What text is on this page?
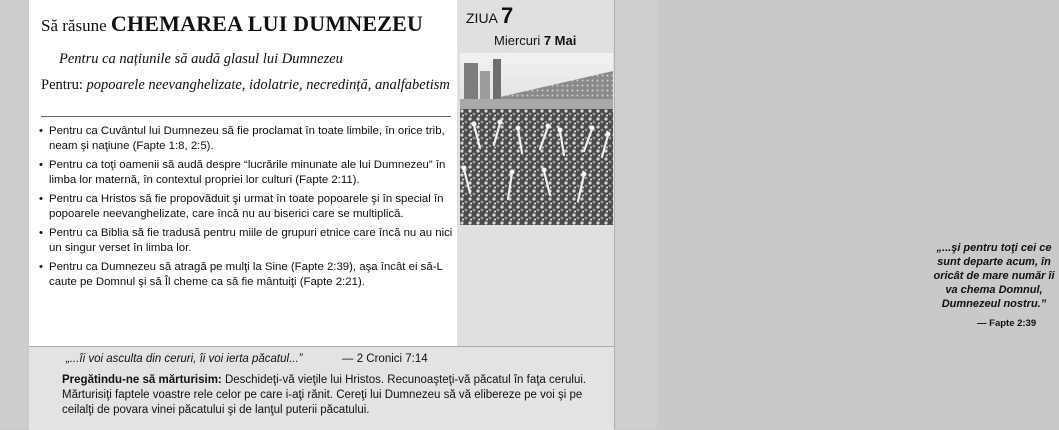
Să răsune CHEMAREA LUI DUMNEZEU
Pentru ca națiunile să audă glasul lui Dumnezeu
Pentru: popoarele neevanghelizate, idolatrie, necredință, analfabetism
• Pentru ca Cuvântul lui Dumnezeu să fie proclamat în toate limbile, în orice trib, neam şi naţiune (Fapte 1:8, 2:5).
• Pentru ca toţi oamenii să audă despre “lucrările minunate ale lui Dumnezeu” în limba lor maternă, în contextul propriei lor culturi (Fapte 2:11).
• Pentru ca Hristos să fie propovăduit şi urmat în toate popoarele şi în special în popoarele neevanghelizate, care încă nu au biserici care se multiplică.
• Pentru ca Biblia să fie tradusă pentru miile de grupuri etnice care încă nu au nici un singur verset în limba lor.
• Pentru ca Dumnezeu să atragă pe mulţi la Sine (Fapte 2:39), aşa încât ei să-L caute pe Domnul şi să Îl cheme ca să fie mântuiţi (Fapte 2:21).
„...şi pentru toţi cei ce sunt departe acum, în oricât de mare număr îi va chema Domnul, Dumnezeul nostru.”
— Fapte 2:39
ZIUA 7
Miercuri 7 Mai
„...îi voi asculta din ceruri, îi voi ierta păcatul...”	— 2 Cronici 7:14
Pregătindu-ne să mărturisim: Deschideţi-vă vieţile lui Hristos. Recunoaşteţi-vă păcatul în faţa cerului. Mărturisiţi faptele voastre rele celor pe care i-aţi rănit. Cereţi lui Dumnezeu să vă elibereze pe voi şi pe ceilalţi de povara vinei păcatului şi de lanţul puterii păcatului.
